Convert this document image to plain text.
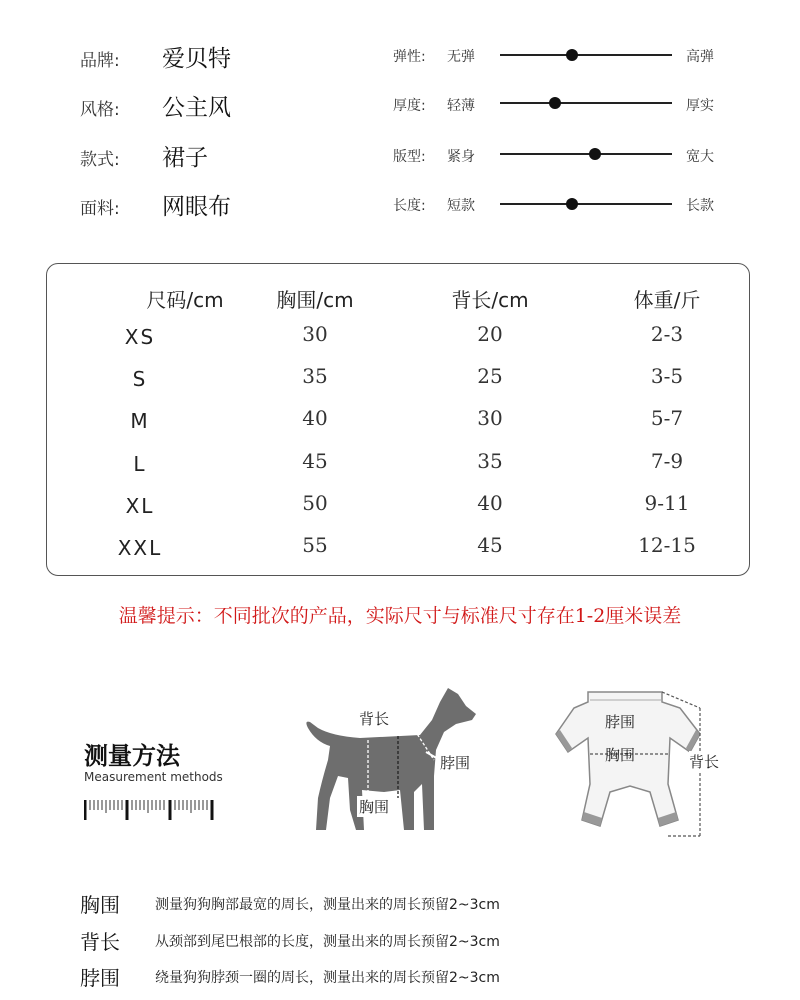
品牌: 爱贝特
风格: 公主风
款式: 裙子
面料: 网眼布
弹性: 无弹	高弹
厚度: 轻薄	厚实
版型: 紧身	宽大
长度: 短款	长款
尺码/cm	胸围/cm	背长/cm	体重/斤
XS	30	20	2-3
S	35	25	3-5
M	40	30	5-7
L	45	35	7-9
XL	50	40	9-11
XXL	55	45	12-15
温馨提示：不同批次的产品，实际尺寸与标准尺寸存在1-2厘米误差
测量方法
Measurement methods
背长
脖围
胸围
脖围
胸围	背长
胸围	测量狗狗胸部最宽的周长，测量出来的周长预留2~3cm
背长	从颈部到尾巴根部的长度，测量出来的周长预留2~3cm
脖围	绕量狗狗脖颈一圈的周长，测量出来的周长预留2~3cm
